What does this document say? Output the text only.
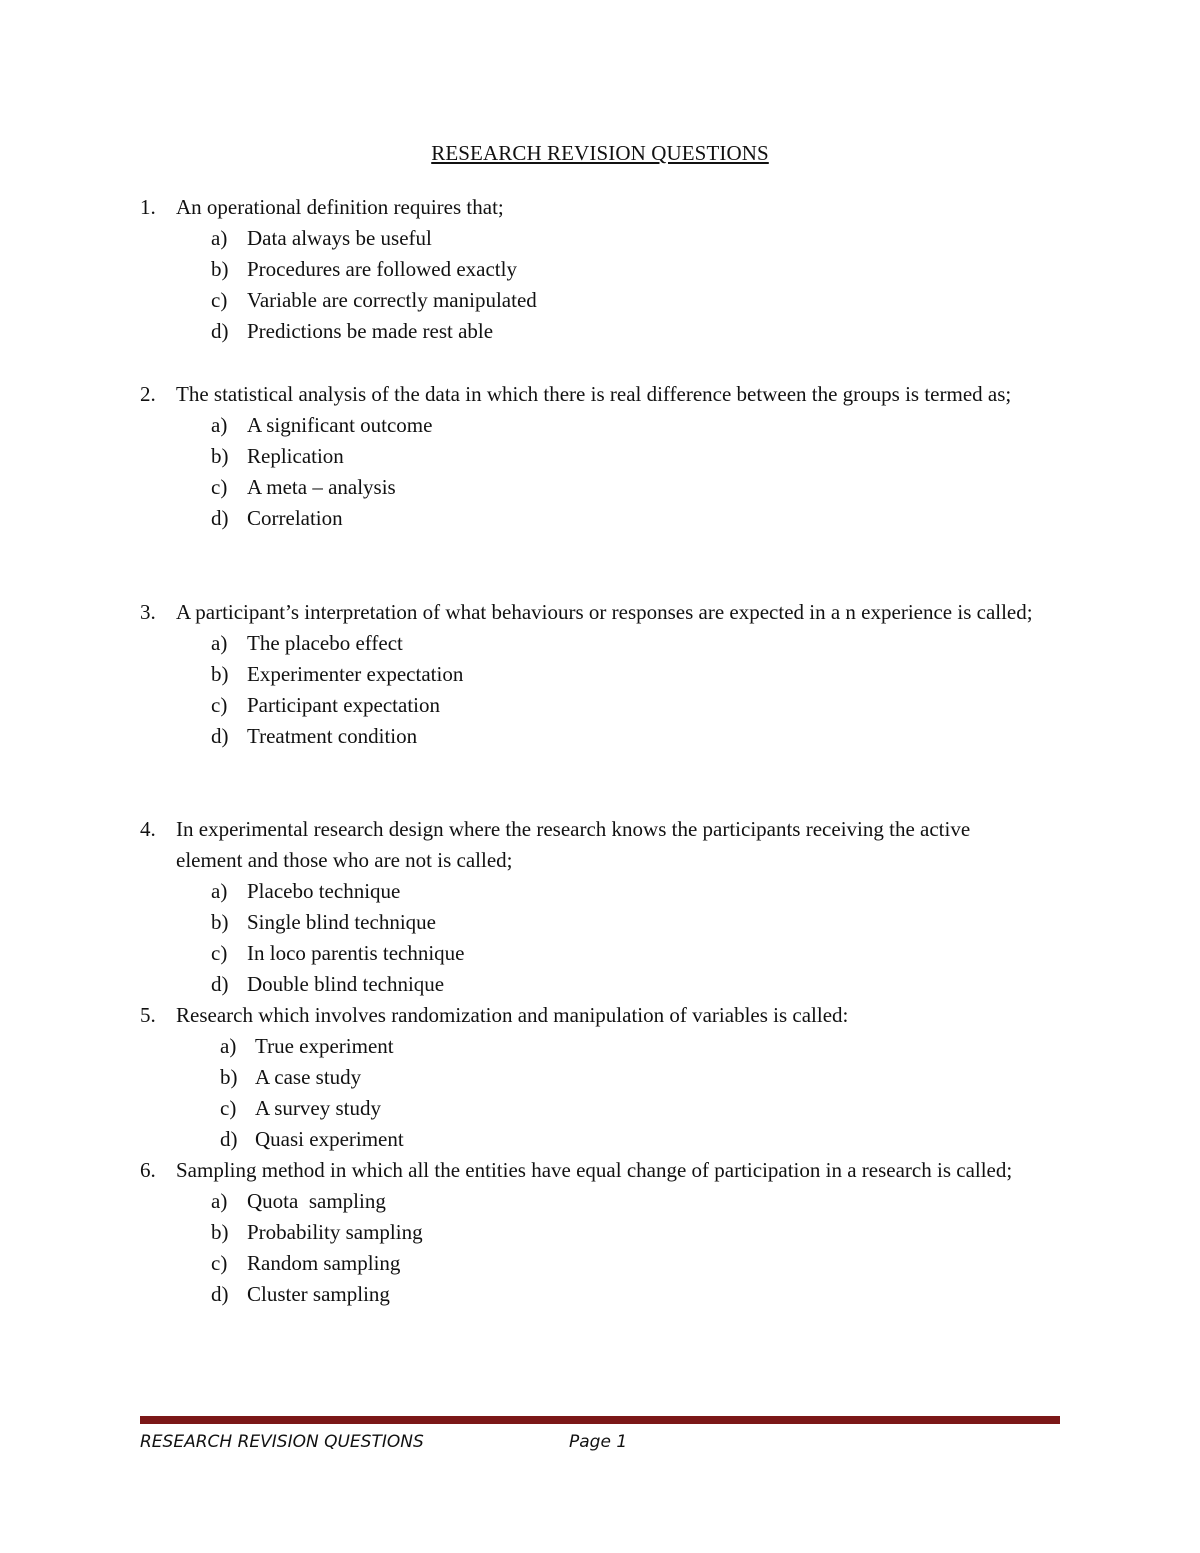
RESEARCH REVISION QUESTIONS
1. An operational definition requires that;
a) Data always be useful
b) Procedures are followed exactly
c) Variable are correctly manipulated
d) Predictions be made rest able
2. The statistical analysis of the data in which there is real difference between the groups is termed as;
a) A significant outcome
b) Replication
c) A meta – analysis
d) Correlation
3. A participant’s interpretation of what behaviours or responses are expected in a n experience is called;
a) The placebo effect
b) Experimenter expectation
c) Participant expectation
d) Treatment condition
4. In experimental research design where the research knows the participants receiving the active element and those who are not is called;
a) Placebo technique
b) Single blind technique
c) In loco parentis technique
d) Double blind technique
5. Research which involves randomization and manipulation of variables is called:
a) True experiment
b) A case study
c) A survey study
d) Quasi experiment
6. Sampling method in which all the entities have equal change of participation in a research is called;
a) Quota  sampling
b) Probability sampling
c) Random sampling
d) Cluster sampling
RESEARCH REVISION QUESTIONS	Page 1
